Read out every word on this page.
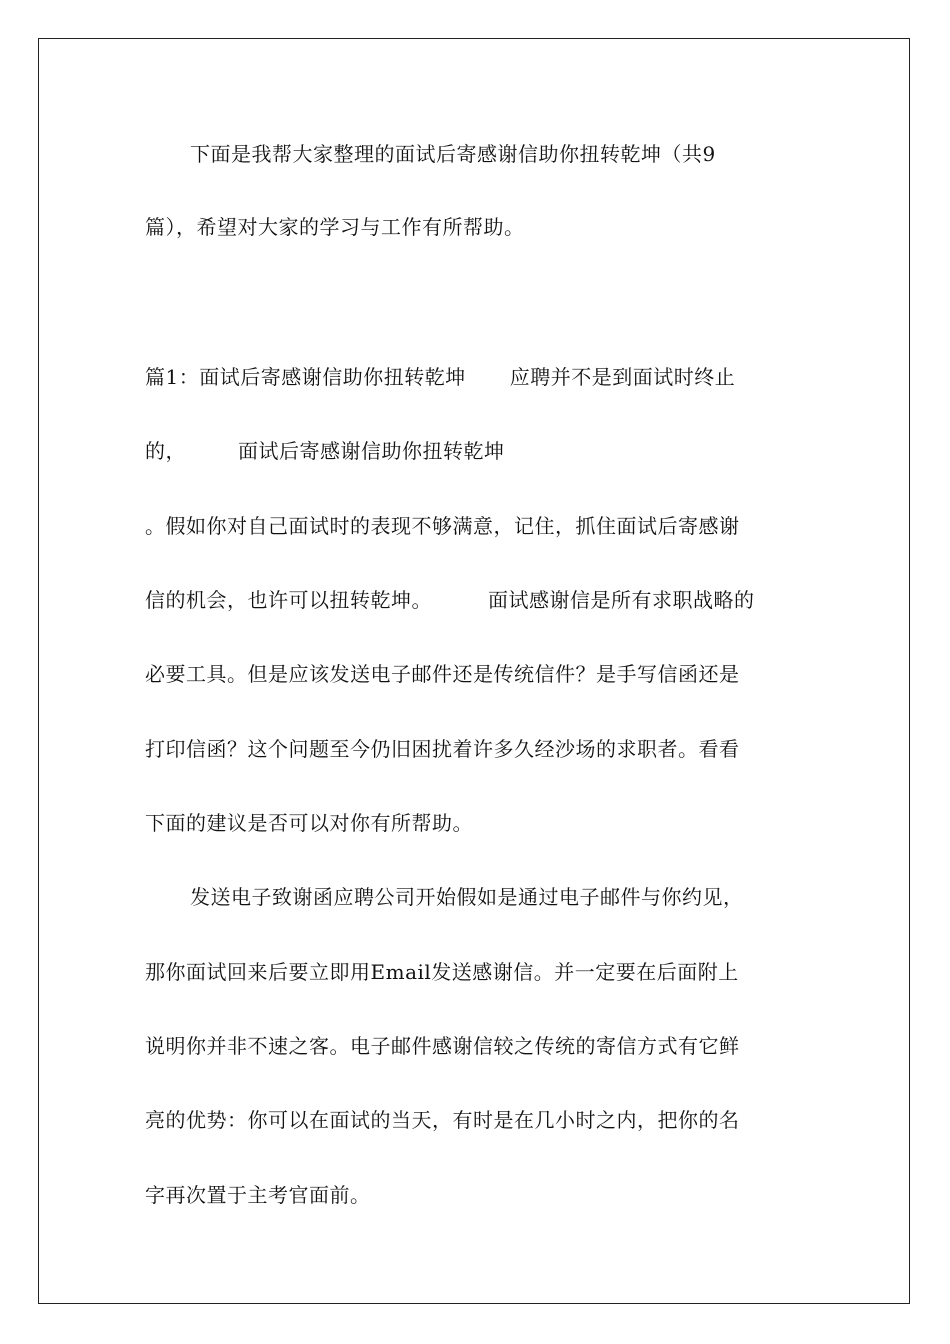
下面是我帮大家整理的面试后寄感谢信助你扭转乾坤（共9
篇），希望对大家的学习与工作有所帮助。
篇1：面试后寄感谢信助你扭转乾坤 应聘并不是到面试时终止
的，	面试后寄感谢信助你扭转乾坤
。假如你对自己面试时的表现不够满意，记住，抓住面试后寄感谢
信的机会，也许可以扭转乾坤。	面试感谢信是所有求职战略的
必要工具。但是应该发送电子邮件还是传统信件？是手写信函还是
打印信函？这个问题至今仍旧困扰着许多久经沙场的求职者。看看
下面的建议是否可以对你有所帮助。
发送电子致谢函应聘公司开始假如是通过电子邮件与你约见，
那你面试回来后要立即用Email发送感谢信。并一定要在后面附上
说明你并非不速之客。电子邮件感谢信较之传统的寄信方式有它鲜
亮的优势：你可以在面试的当天，有时是在几小时之内，把你的名
字再次置于主考官面前。
